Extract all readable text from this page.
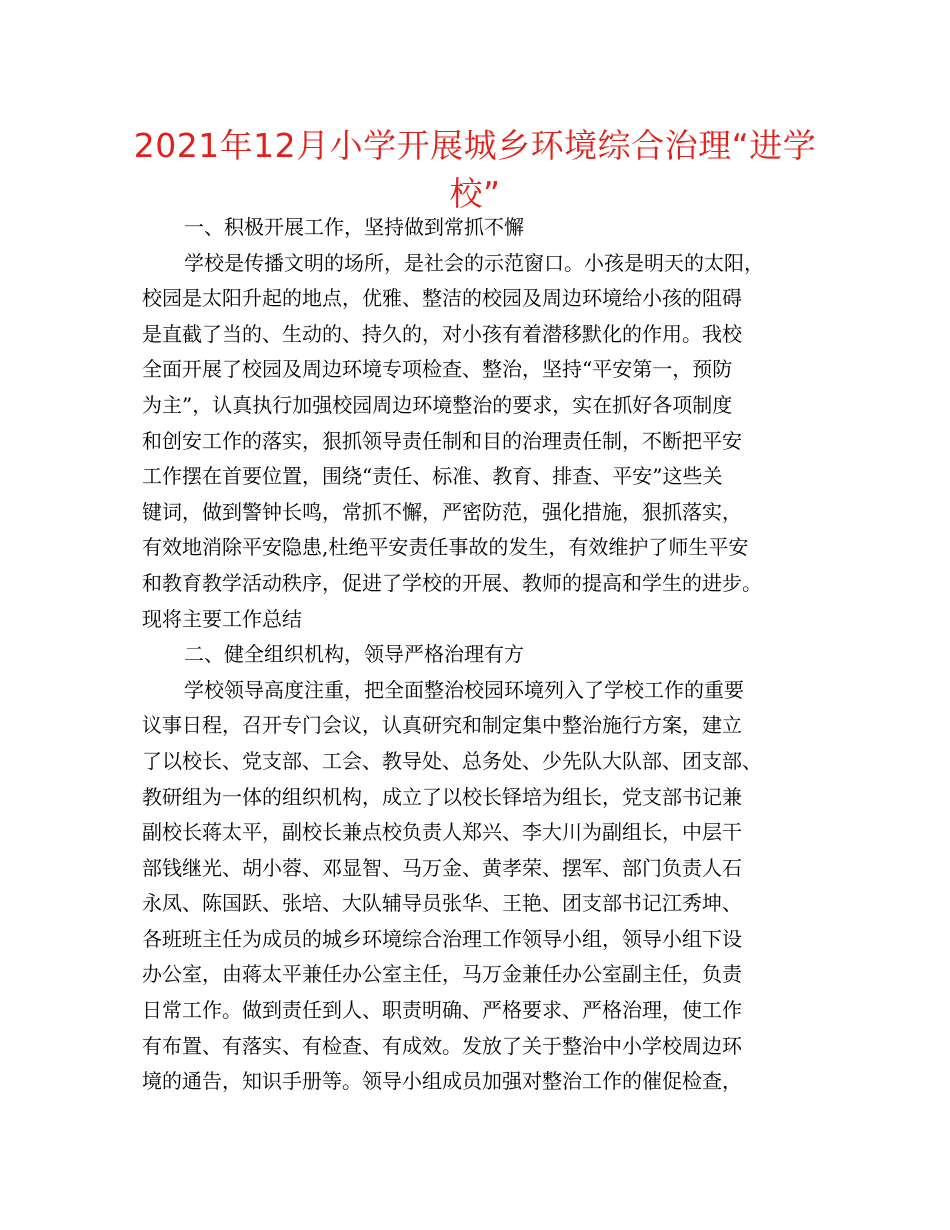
2021年12月小学开展城乡环境综合治理“进学校”
一、积极开展工作，坚持做到常抓不懈
学校是传播文明的场所，是社会的示范窗口。小孩是明天的太阳，
校园是太阳升起的地点，优雅、整洁的校园及周边环境给小孩的阻碍
是直截了当的、生动的、持久的，对小孩有着潜移默化的作用。我校
全面开展了校园及周边环境专项检查、整治，坚持“平安第一，预防
为主”，认真执行加强校园周边环境整治的要求，实在抓好各项制度
和创安工作的落实，狠抓领导责任制和目的治理责任制，不断把平安
工作摆在首要位置，围绕“责任、标准、教育、排查、平安”这些关
键词，做到警钟长鸣，常抓不懈，严密防范，强化措施，狠抓落实，
有效地消除平安隐患,杜绝平安责任事故的发生，有效维护了师生平安
和教育教学活动秩序，促进了学校的开展、教师的提高和学生的进步。
现将主要工作总结
二、健全组织机构，领导严格治理有方
学校领导高度注重，把全面整治校园环境列入了学校工作的重要
议事日程，召开专门会议，认真研究和制定集中整治施行方案，建立
了以校长、党支部、工会、教导处、总务处、少先队大队部、团支部、
教研组为一体的组织机构，成立了以校长铎培为组长，党支部书记兼
副校长蒋太平，副校长兼点校负责人郑兴、李大川为副组长，中层干
部钱继光、胡小蓉、邓显智、马万金、黄孝荣、摆军、部门负责人石
永凤、陈国跃、张培、大队辅导员张华、王艳、团支部书记江秀坤、
各班班主任为成员的城乡环境综合治理工作领导小组，领导小组下设
办公室，由蒋太平兼任办公室主任，马万金兼任办公室副主任，负责
日常工作。做到责任到人、职责明确、严格要求、严格治理，使工作
有布置、有落实、有检查、有成效。发放了关于整治中小学校周边环
境的通告，知识手册等。领导小组成员加强对整治工作的催促检查，
